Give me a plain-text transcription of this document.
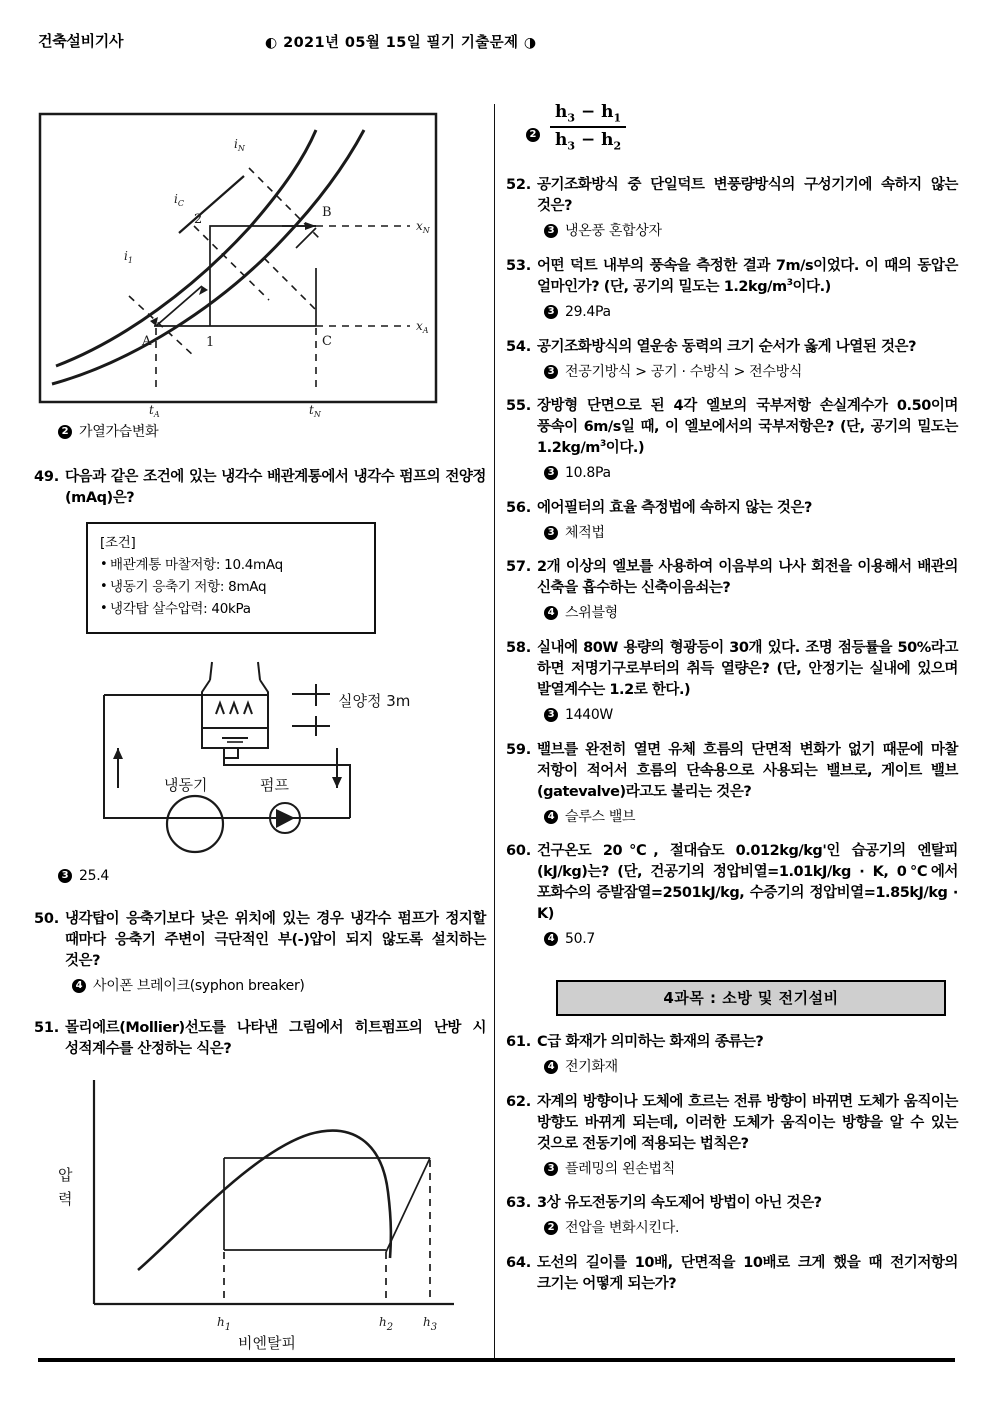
건축설비기사	◐ 2021년 05월 15일 필기 기출문제 ◑
$i_N$
$i_C$
$i_1$
A
B
C
1
2	$x_N$
$x_A$
$t_A$	$t_N$
2 가열가습변화
49. 다음과 같은 조건에 있는 냉각수 배관계통에서 냉각수 펌프의 전양정(mAq)은?
[조건]
• 배관계통 마찰저항: 10.4mAq
• 냉동기 응축기 저항: 8mAq
• 냉각탑 살수압력: 40kPa
실양정 3m
냉동기	펌프
3 25.4
50. 냉각탑이 응축기보다 낮은 위치에 있는 경우 냉각수 펌프가 정지할 때마다 응축기 주변이 극단적인 부(-)압이 되지 않도록 설치하는 것은?
4 사이폰 브레이크(syphon breaker)
51. 몰리에르(Mollier)선도를 나타낸 그림에서 히트펌프의 난방 시 성적계수를 산정하는 식은?
압
력
비엔탈피
$h_1$	$h_2$ $h_3$
$2 \frac{h_3 - h_1}{h_3 - h_2}$
52. 공기조화방식 중 단일덕트 변풍량방식의 구성기기에 속하지 않는 것은?
3 냉온풍 혼합상자
53. 어떤 덕트 내부의 풍속을 측정한 결과 7m/s이었다. 이 때의 동압은 얼마인가? (단, 공기의 밀도는 $1.2kg/m^3$이다.)
3 29.4Pa
54. 공기조화방식의 열운송 동력의 크기 순서가 옳게 나열된 것은?
3 전공기방식 > 공기 · 수방식 > 전수방식
55. 장방형 단면으로 된 4각 엘보의 국부저항 손실계수가 0.50이며 풍속이 6m/s일 때, 이 엘보에서의 국부저항은? (단, 공기의 밀도는 $1.2kg/m^3$이다.)
3 10.8Pa
56. 에어필터의 효율 측정법에 속하지 않는 것은?
3 체적법
57. 2개 이상의 엘보를 사용하여 이음부의 나사 회전을 이용해서 배관의 신축을 흡수하는 신축이음쇠는?
4 스위블형
58. 실내에 80W 용량의 형광등이 30개 있다. 조명 점등률을 50%라고 하면 저명기구로부터의 취득 열량은? (단, 안정기는 실내에 있으며 발열계수는 1.2로 한다.)
3 1440W
59. 밸브를 완전히 열면 유체 흐름의 단면적 변화가 없기 때문에 마찰 저항이 적어서 흐름의 단속용으로 사용되는 밸브로, 게이트 밸브(gatevalve)라고도 불리는 것은?
4 슬루스 밸브
60. 건구온도 20℃, 절대습도 0.012kg/kg'인 습공기의 엔탈피(kJ/kg)는? (단, 건공기의 정압비열=1.01kJ/kg · K, 0℃에서 포화수의 증발잠열=2501kJ/kg, 수증기의 정압비열=1.85kJ/kg · K)
4 50.7
4과목 : 소방 및 전기설비
61. C급 화재가 의미하는 화재의 종류는?
4 전기화재
62. 자계의 방향이나 도체에 흐르는 전류 방향이 바뀌면 도체가 움직이는 방향도 바뀌게 되는데, 이러한 도체가 움직이는 방향을 알 수 있는 것으로 전동기에 적용되는 법칙은?
3 플레밍의 왼손법칙
63. 3상 유도전동기의 속도제어 방법이 아닌 것은?
2 전압을 변화시킨다.
64. 도선의 길이를 10배, 단면적을 10배로 크게 했을 때 전기저항의 크기는 어떻게 되는가?
